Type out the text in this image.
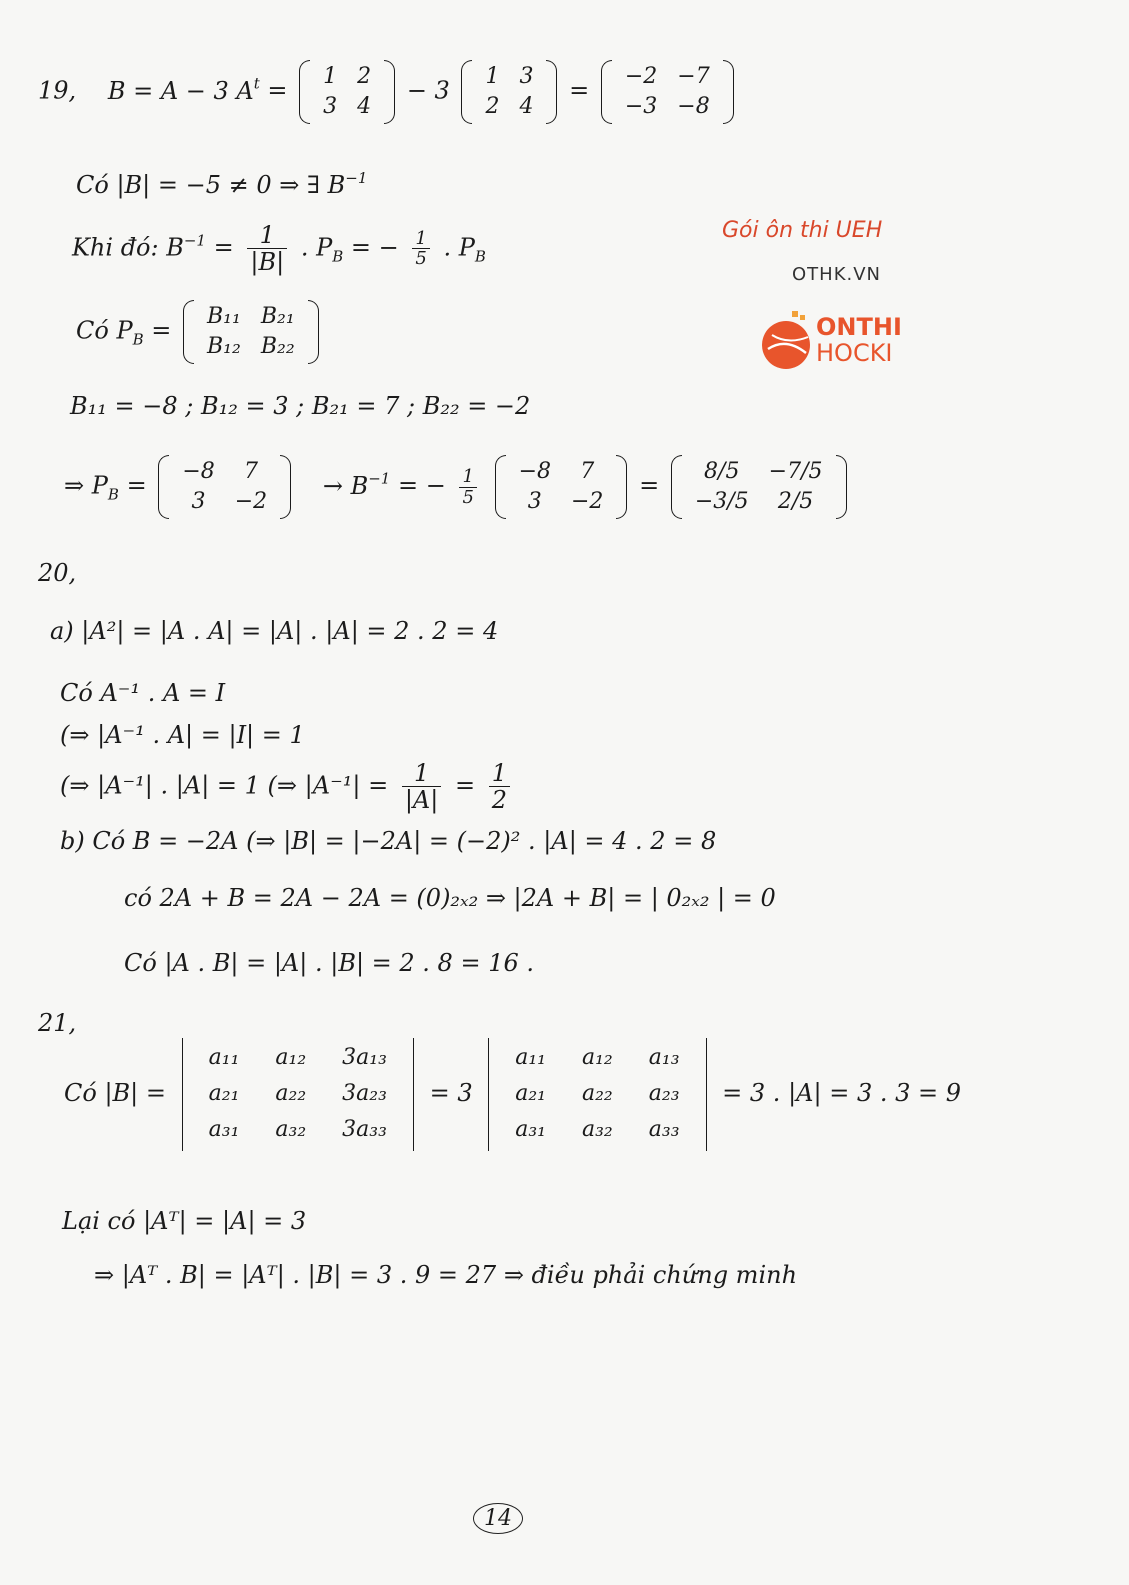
19, B = A − 3 $A^t$ =
1	2
3	4
− 3
1	3
2	4
=
−2	−7
−3	−8
Có |B| = −5 ≠ 0 ⇒ ∃ $B^{-1}$
Khi đó: $B^{-1} = \frac{1}{|B|}$ . $P_B$ = − $\frac{1}{5}$ . $P_B$
Có $P_B$ =
B₁₁	B₂₁
B₁₂	B₂₂
B₁₁ = −8 ; B₁₂ = 3 ; B₂₁ = 7 ; B₂₂ = −2
⇒ $P_B$ =
−8	7
3	−2
→ $B^{-1}$ = − $\frac{1}{5}$
−8	7
3	−2
=
8/5	−7/5
−3/5	2/5
Gói ôn thi UEH
OTHK.VN
ONTHI
HOCKI
20,
a) |A²| = |A . A| = |A| . |A| = 2 . 2 = 4
Có A⁻¹ . A = I
(⇒ |A⁻¹ . A| = |I| = 1
(⇒ |A⁻¹| . |A| = 1 (⇒ $|A^{-1}| = \frac{1}{|A|} = \frac{1}{2}$
b) Có B = −2A (⇒ |B| = |−2A| = (−2)² . |A| = 4 . 2 = 8
có 2A + B = 2A − 2A = (0)₂ₓ₂ ⇒ |2A + B| = | 0₂ₓ₂ | = 0
Có |A . B| = |A| . |B| = 2 . 8 = 16 .
21,
Có |B| =
a₁₁	a₁₂	3a₁₃
a₂₁	a₂₂	3a₂₃
a₃₁	a₃₂	3a₃₃
= 3
a₁₁	a₁₂	a₁₃
a₂₁	a₂₂	a₂₃
a₃₁	a₃₂	a₃₃
= 3 . |A| = 3 . 3 = 9
Lại có |Aᵀ| = |A| = 3
⇒ |Aᵀ . B| = |Aᵀ| . |B| = 3 . 9 = 27 ⇒ điều phải chứng minh
14
